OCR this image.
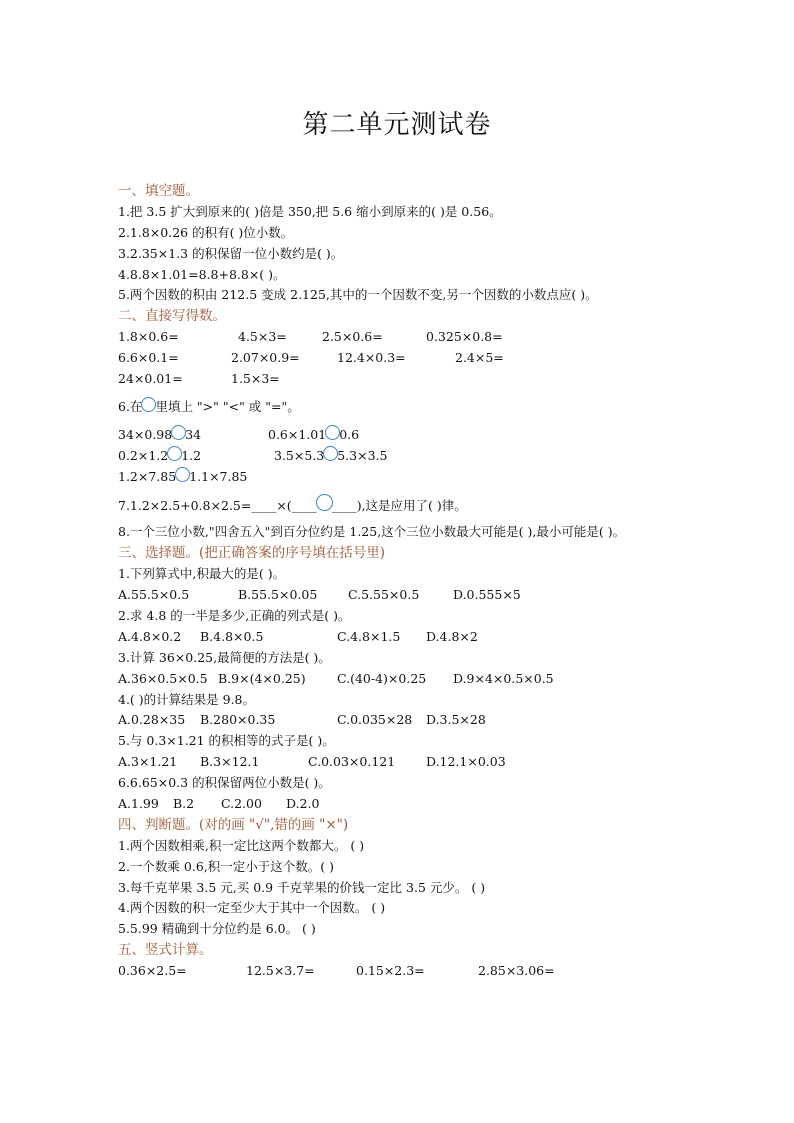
第二单元测试卷
一、填空题。
1.把 3.5 扩大到原来的( )倍是 350,把 5.6 缩小到原来的( )是 0.56。
2.1.8×0.26 的积有( )位小数。
3.2.35×1.3 的积保留一位小数约是( )。
4.8.8×1.01=8.8+8.8×( )。
5.两个因数的积由 212.5 变成 2.125,其中的一个因数不变,另一个因数的小数点应( )。
二、直接写得数。
1.8×0.6=	4.5×3=	2.5×0.6=	0.325×0.8=
6.6×0.1=	2.07×0.9=	12.4×0.3=	2.4×5=
24×0.01=	1.5×3=
6.在 里填上 ">" "<" 或 "="。
34×0.98 34	0.6×1.01 0.6
0.2×1.2 1.2	3.5×5.3 5.3×3.5
1.2×7.85 1.1×7.85
7.1.2×2.5+0.8×2.5=____×(____ ____),这是应用了( )律。
8.一个三位小数,"四舍五入"到百分位约是 1.25,这个三位小数最大可能是( ),最小可能是( )。
三、选择题。(把正确答案的序号填在括号里)
1.下列算式中,积最大的是( )。
A.55.5×0.5	B.55.5×0.05 C.5.55×0.5	D.0.555×5
2.求 4.8 的一半是多少,正确的列式是( )。
A.4.8×0.2 B.4.8×0.5	C.4.8×1.5 D.4.8×2
3.计算 36×0.25,最简便的方法是( )。
A.36×0.5×0.5 B.9×(4×0.25)	C.(40-4)×0.25 D.9×4×0.5×0.5
4.( )的计算结果是 9.8。
A.0.28×35 B.280×0.35	C.0.035×28 D.3.5×28
5.与 0.3×1.21 的积相等的式子是( )。
A.3×1.21 B.3×12.1	C.0.03×0.121 D.12.1×0.03
6.6.65×0.3 的积保留两位小数是( )。
A.1.99 B.2 C.2.00 D.2.0
四、判断题。(对的画 "√",错的画 "×")
1.两个因数相乘,积一定比这两个数都大。 ( )
2.一个数乘 0.6,积一定小于这个数。( )
3.每千克苹果 3.5 元,买 0.9 千克苹果的价钱一定比 3.5 元少。 ( )
4.两个因数的积一定至少大于其中一个因数。 ( )
5.5.99 精确到十分位约是 6.0。 ( )
五、竖式计算。
0.36×2.5=	12.5×3.7=	0.15×2.3=	2.85×3.06=
